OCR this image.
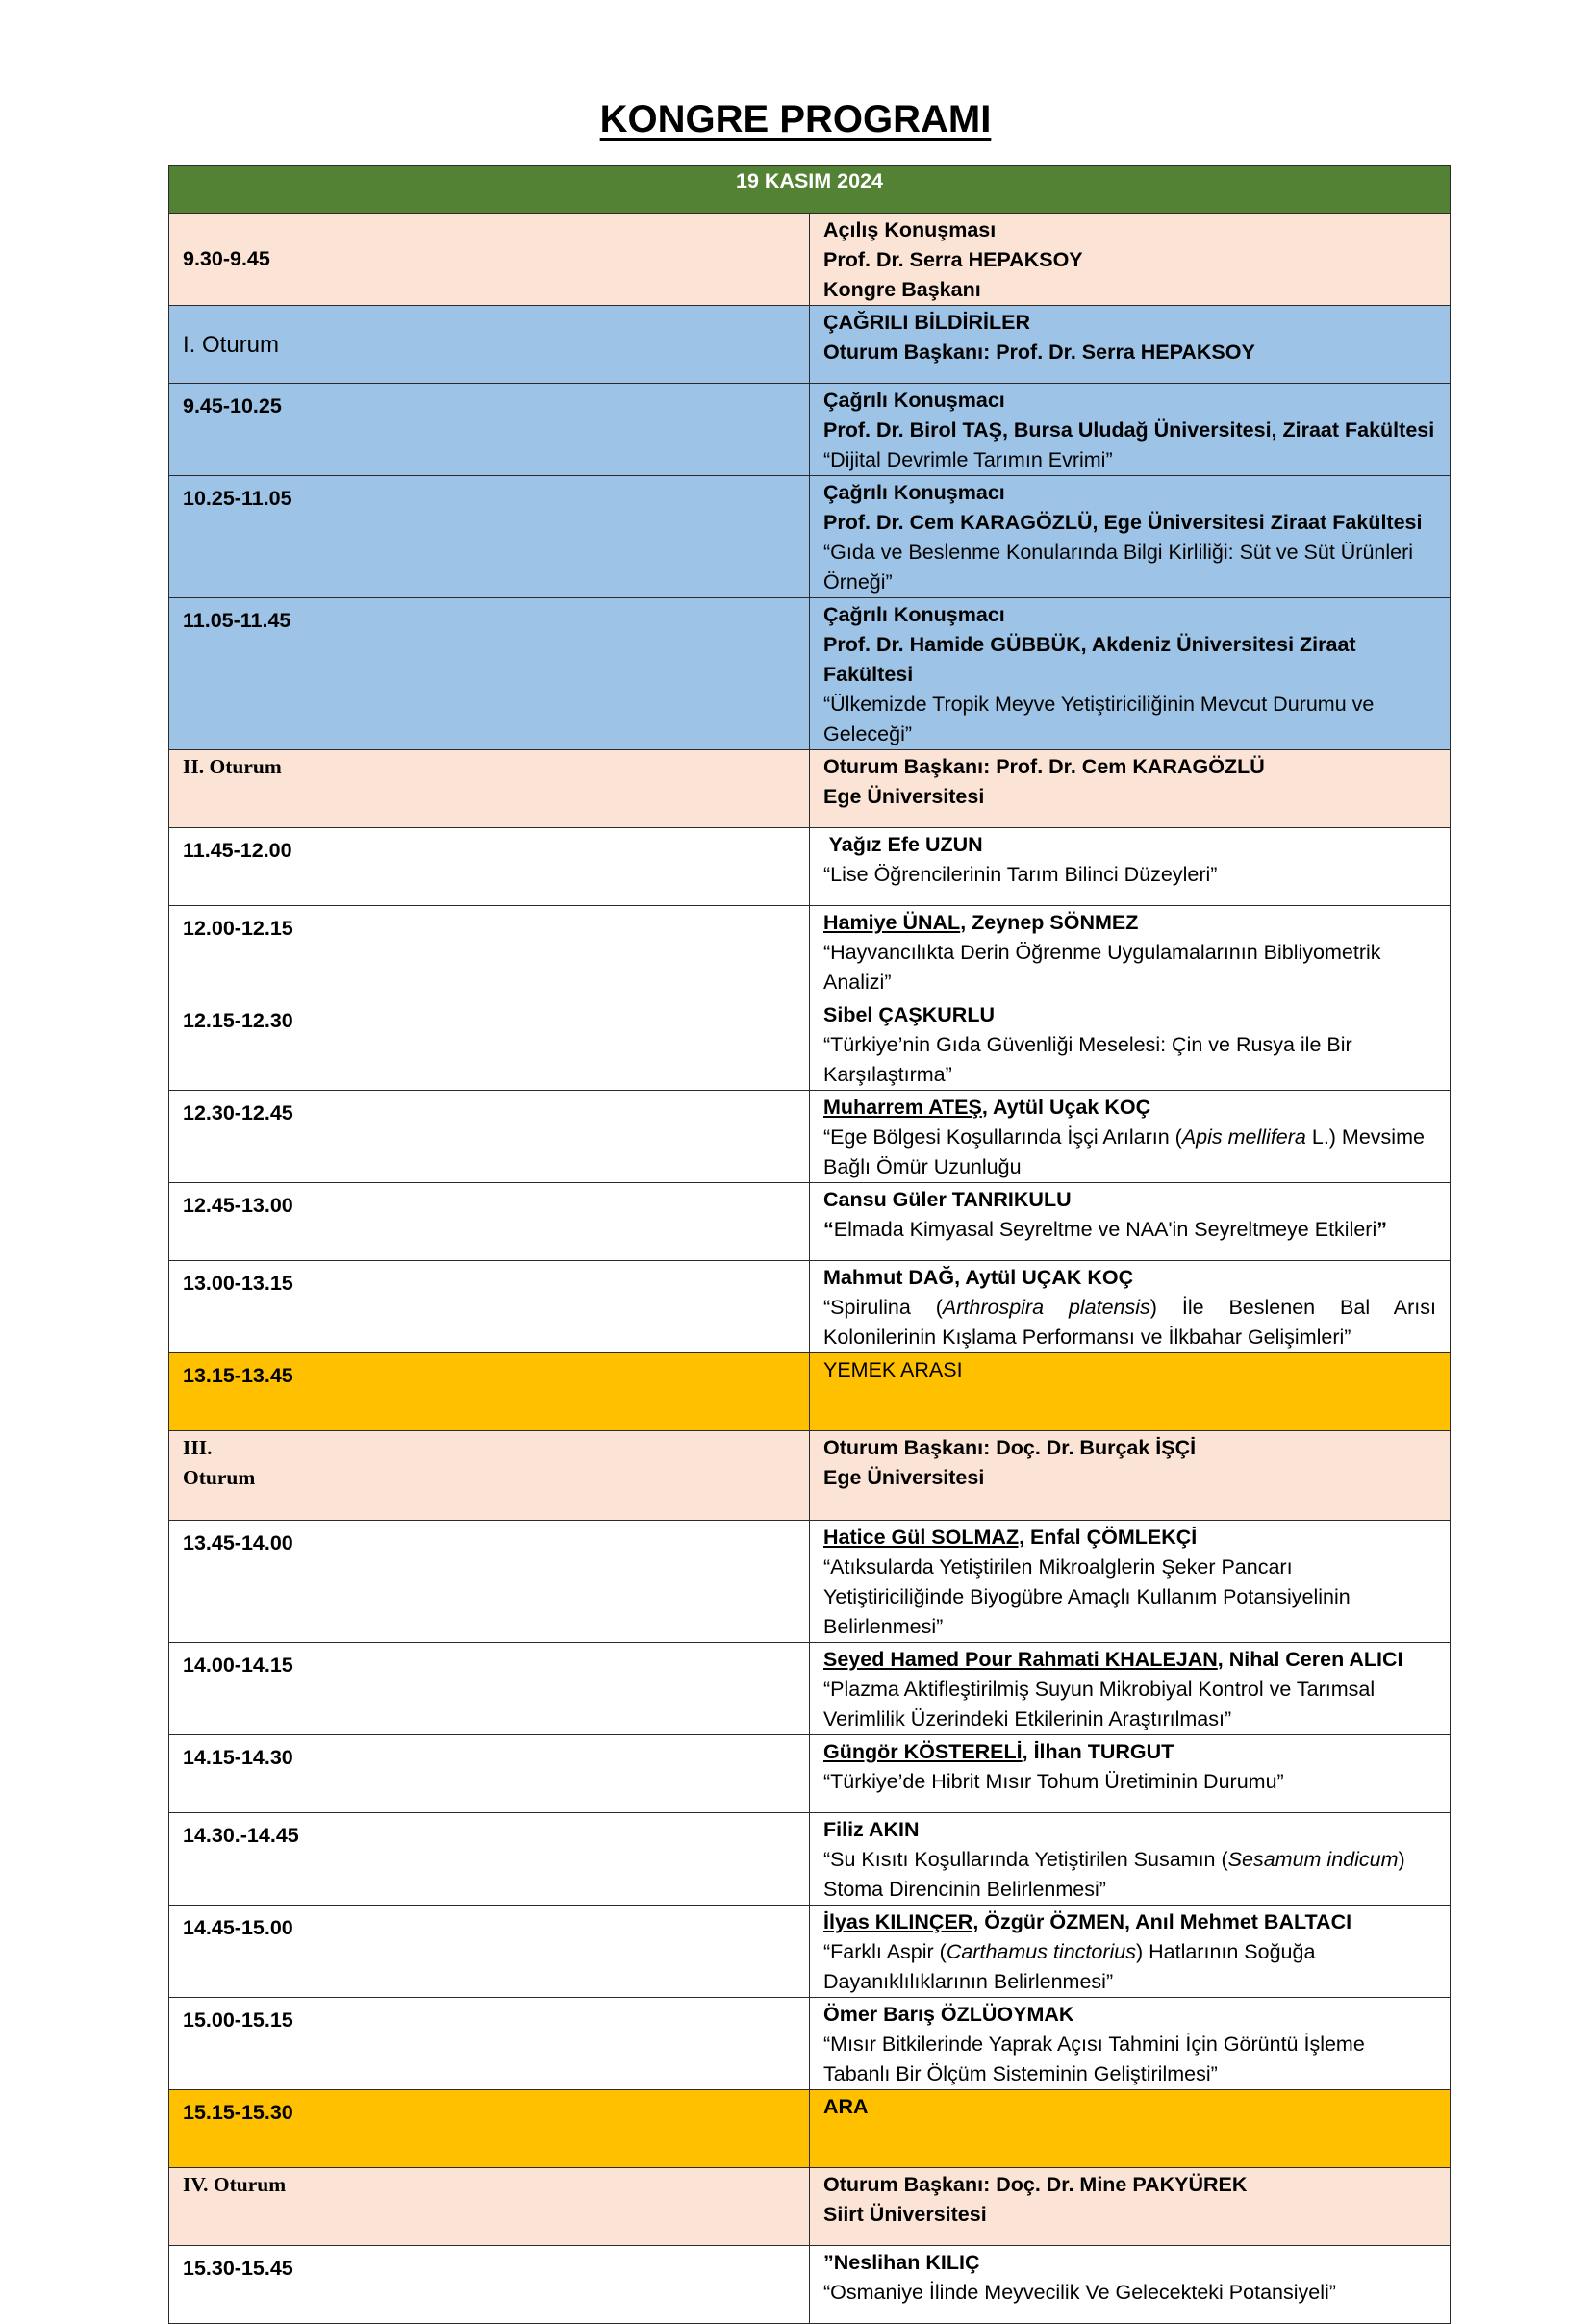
KONGRE PROGRAMI
19 KASIM 2024	
9.30-9.45	Açılış Konuşması
Prof. Dr. Serra HEPAKSOY
Kongre Başkanı

I. Oturum	ÇAĞRILI BİLDİRİLER
Oturum Başkanı: Prof. Dr. Serra HEPAKSOY

9.45-10.25	Çağrılı Konuşmacı
Prof. Dr. Birol TAŞ, Bursa Uludağ Üniversitesi, Ziraat Fakültesi
“Dijital Devrimle Tarımın Evrimi”

10.25-11.05	Çağrılı Konuşmacı
Prof. Dr. Cem KARAGÖZLÜ, Ege Üniversitesi Ziraat Fakültesi
“Gıda ve Beslenme Konularında Bilgi Kirliliği: Süt ve Süt Ürünleri Örneği”

11.05-11.45	Çağrılı Konuşmacı
Prof. Dr. Hamide GÜBBÜK, Akdeniz Üniversitesi Ziraat Fakültesi
“Ülkemizde Tropik Meyve Yetiştiriciliğinin Mevcut Durumu ve Geleceği”

II. Oturum	Oturum Başkanı: Prof. Dr. Cem KARAGÖZLÜ
Ege Üniversitesi

11.45-12.00	Yağız Efe UZUN
“Lise Öğrencilerinin Tarım Bilinci Düzeyleri”

12.00-12.15	Hamiye ÜNAL, Zeynep SÖNMEZ
“Hayvancılıkta Derin Öğrenme Uygulamalarının Bibliyometrik Analizi”

12.15-12.30	Sibel ÇAŞKURLU
“Türkiye’nin Gıda Güvenliği Meselesi: Çin ve Rusya ile Bir Karşılaştırma”

12.30-12.45	Muharrem ATEŞ, Aytül Uçak KOÇ
“Ege Bölgesi Koşullarında İşçi Arıların (Apis mellifera L.) Mevsime Bağlı Ömür Uzunluğu

12.45-13.00	Cansu Güler TANRIKULU
“Elmada Kimyasal Seyreltme ve NAA'in Seyreltmeye Etkileri”

13.00-13.15	Mahmut DAĞ, Aytül UÇAK KOÇ
“Spirulina (Arthrospira platensis) İle Beslenen Bal Arısı Kolonilerinin Kışlama Performansı ve İlkbahar Gelişimleri”

13.15-13.45	YEMEK ARASI

III.
Oturum	Oturum Başkanı: Doç. Dr. Burçak İŞÇİ
Ege Üniversitesi

13.45-14.00	Hatice Gül SOLMAZ, Enfal ÇÖMLEKÇİ
“Atıksularda Yetiştirilen Mikroalglerin Şeker Pancarı Yetiştiriciliğinde Biyogübre Amaçlı Kullanım Potansiyelinin Belirlenmesi”

14.00-14.15	Seyed Hamed Pour Rahmati KHALEJAN, Nihal Ceren ALICI
“Plazma Aktifleştirilmiş Suyun Mikrobiyal Kontrol ve Tarımsal Verimlilik Üzerindeki Etkilerinin Araştırılması”

14.15-14.30	Güngör KÖSTERELİ, İlhan TURGUT
“Türkiye’de Hibrit Mısır Tohum Üretiminin Durumu”

14.30.-14.45	Filiz AKIN
“Su Kısıtı Koşullarında Yetiştirilen Susamın (Sesamum indicum) Stoma Direncinin Belirlenmesi”

14.45-15.00	İlyas KILINÇER, Özgür ÖZMEN, Anıl Mehmet BALTACI
“Farklı Aspir (Carthamus tinctorius) Hatlarının Soğuğa Dayanıklılıklarının Belirlenmesi”

15.00-15.15	Ömer Barış ÖZLÜOYMAK
“Mısır Bitkilerinde Yaprak Açısı Tahmini İçin Görüntü İşleme Tabanlı Bir Ölçüm Sisteminin Geliştirilmesi”

15.15-15.30	ARA
IV. Oturum	Oturum Başkanı: Doç. Dr. Mine PAKYÜREK
Siirt Üniversitesi

15.30-15.45	”Neslihan KILIÇ
“Osmaniye İlinde Meyvecilik Ve Gelecekteki Potansiyeli”
